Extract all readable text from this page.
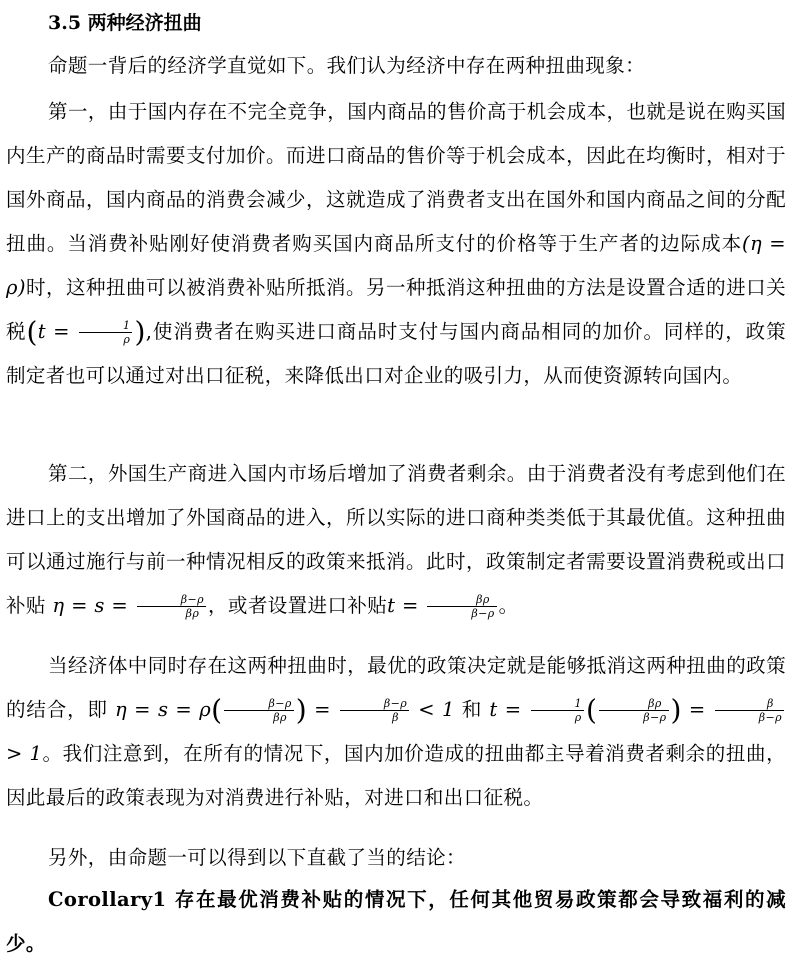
3.5 两种经济扭曲
命题一背后的经济学直觉如下。我们认为经济中存在两种扭曲现象：
第一，由于国内存在不完全竞争，国内商品的售价高于机会成本，也就是说在购买国内生产的商品时需要支付加价。而进口商品的售价等于机会成本，因此在均衡时，相对于国外商品，国内商品的消费会减少，这就造成了消费者支出在国外和国内商品之间的分配扭曲。当消费补贴刚好使消费者购买国内商品所支付的价格等于生产者的边际成本(η = ρ)时，这种扭曲可以被消费补贴所抵消。另一种抵消这种扭曲的方法是设置合适的进口关税($t = \frac{1}{\rho}$ ),使消费者在购买进口商品时支付与国内商品相同的加价。同样的，政策制定者也可以通过对出口征税，来降低出口对企业的吸引力，从而使资源转向国内。
第二，外国生产商进入国内市场后增加了消费者剩余。由于消费者没有考虑到他们在进口上的支出增加了外国商品的进入，所以实际的进口商种类类低于其最优值。这种扭曲可以通过施行与前一种情况相反的政策来抵消。此时，政策制定者需要设置消费税或出口补贴 $\eta = s = \frac{\beta-\rho}{\beta\rho}$ ，或者设置进口补贴$t = \frac{\beta\rho}{\beta-\rho}$ 。
当经济体中同时存在这两种扭曲时，最优的政策决定就是能够抵消这两种扭曲的政策的结合，即 $\eta = s = \rho( \frac{\beta-\rho}{\beta\rho}$ ) = $\frac{\beta-\rho}{\beta} < 1$ 和 $t = \frac{1}{\rho}$ ( $\frac{\beta\rho}{\beta-\rho}$ ) = $\frac{\beta}{\beta-\rho}$
> 1。我们注意到，在所有的情况下，国内加价造成的扭曲都主导着消费者剩余的扭曲，因此最后的政策表现为对消费进行补贴，对进口和出口征税。
另外，由命题一可以得到以下直截了当的结论：
Corollary1 存在最优消费补贴的情况下，任何其他贸易政策都会导致福利的减少。
